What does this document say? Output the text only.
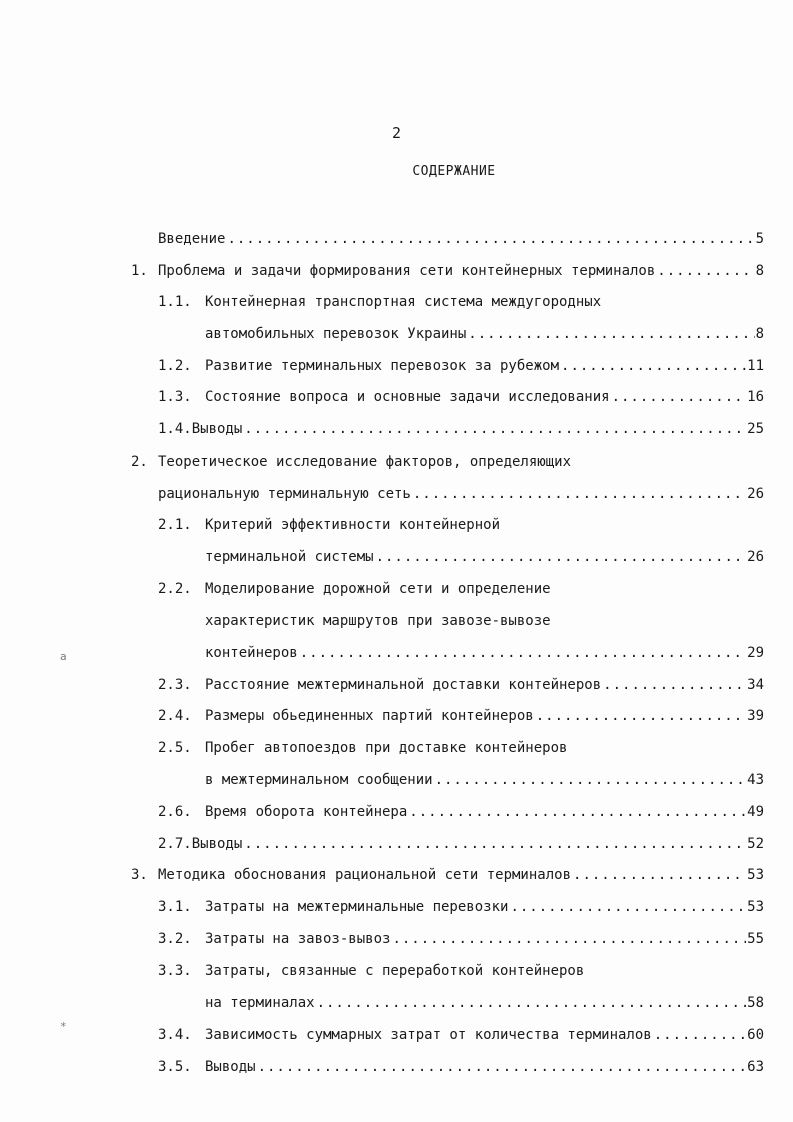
2
СОДЕРЖАНИЕ
Введение .....	5
1. Проблема и задачи формирования сети контейнерных терминалов .....	8
1.1. Контейнерная транспортная система междугородных
автомобильных перевозок Украины .....	8
1.2. Развитие терминальных перевозок за рубежом .....	11
1.3. Состояние вопроса и основные задачи исследования .....	16
1.4. Выводы .....	25
2. Теоретическое исследование факторов, определяющих
рациональную терминальную сеть .....	26
2.1. Критерий эффективности контейнерной
терминальной системы .....	26
2.2. Моделирование дорожной сети и определение
характеристик маршрутов при завозе-вывозе
контейнеров .....	29
2.3. Расстояние межтерминальной доставки контейнеров .....	34
2.4. Размеры обьединенных партий контейнеров .....	39
2.5. Пробег автопоездов при доставке контейнеров
в межтерминальном сообщении .....	43
2.6. Время оборота контейнера .....	49
2.7. Выводы .....	52
3. Методика обоснования рациональной сети терминалов .....	53
3.1. Затраты на межтерминальные перевозки .....	53
3.2. Затраты на завоз-вывоз .....	55
3.3. Затраты, связанные с переработкой контейнеров
на терминалах .....	58
3.4. Зависимость суммарных затрат от количества терминалов .....	60
3.5. Выводы .....	63
a
*
